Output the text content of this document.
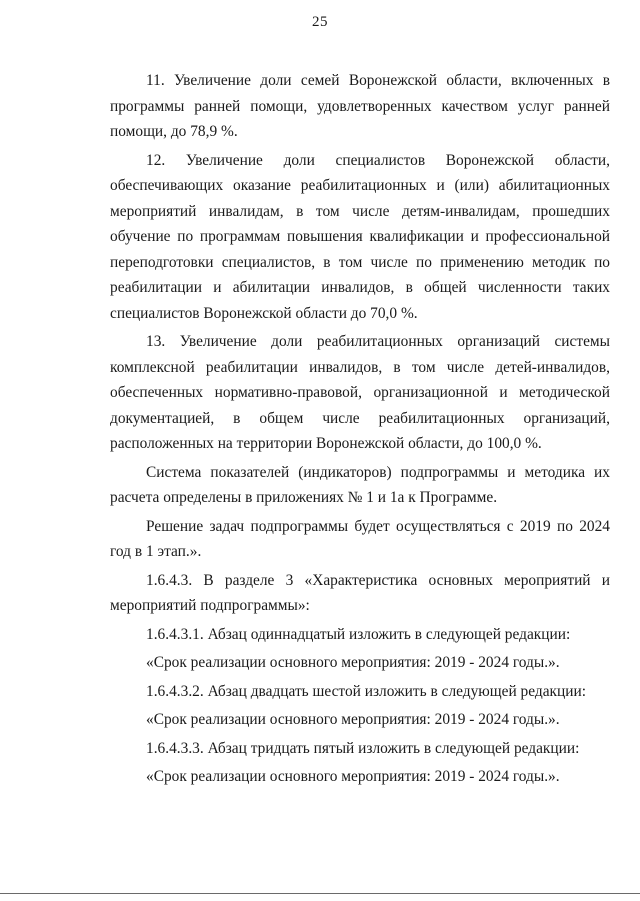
25

11. Увеличение доли семей Воронежской области, включенных в программы ранней помощи, удовлетворенных качеством услуг ранней помощи, до 78,9 %.

12. Увеличение доли специалистов Воронежской области, обеспечивающих оказание реабилитационных и (или) абилитационных мероприятий инвалидам, в том числе детям-инвалидам, прошедших обучение по программам повышения квалификации и профессиональной переподготовки специалистов, в том числе по применению методик по реабилитации и абилитации инвалидов, в общей численности таких специалистов Воронежской области до 70,0 %.

13. Увеличение доли реабилитационных организаций системы комплексной реабилитации инвалидов, в том числе детей-инвалидов, обеспеченных нормативно-правовой, организационной и методической документацией, в общем числе реабилитационных организаций, расположенных на территории Воронежской области, до 100,0 %.

Система показателей (индикаторов) подпрограммы и методика их расчета определены в приложениях № 1 и 1а к Программе.

Решение задач подпрограммы будет осуществляться с 2019 по 2024 год в 1 этап.».

1.6.4.3. В разделе 3 «Характеристика основных мероприятий и мероприятий подпрограммы»:

1.6.4.3.1. Абзац одиннадцатый изложить в следующей редакции:

«Срок реализации основного мероприятия: 2019 - 2024 годы.».

1.6.4.3.2. Абзац двадцать шестой изложить в следующей редакции:

«Срок реализации основного мероприятия: 2019 - 2024 годы.».

1.6.4.3.3. Абзац тридцать пятый изложить в следующей редакции:

«Срок реализации основного мероприятия: 2019 - 2024 годы.».
